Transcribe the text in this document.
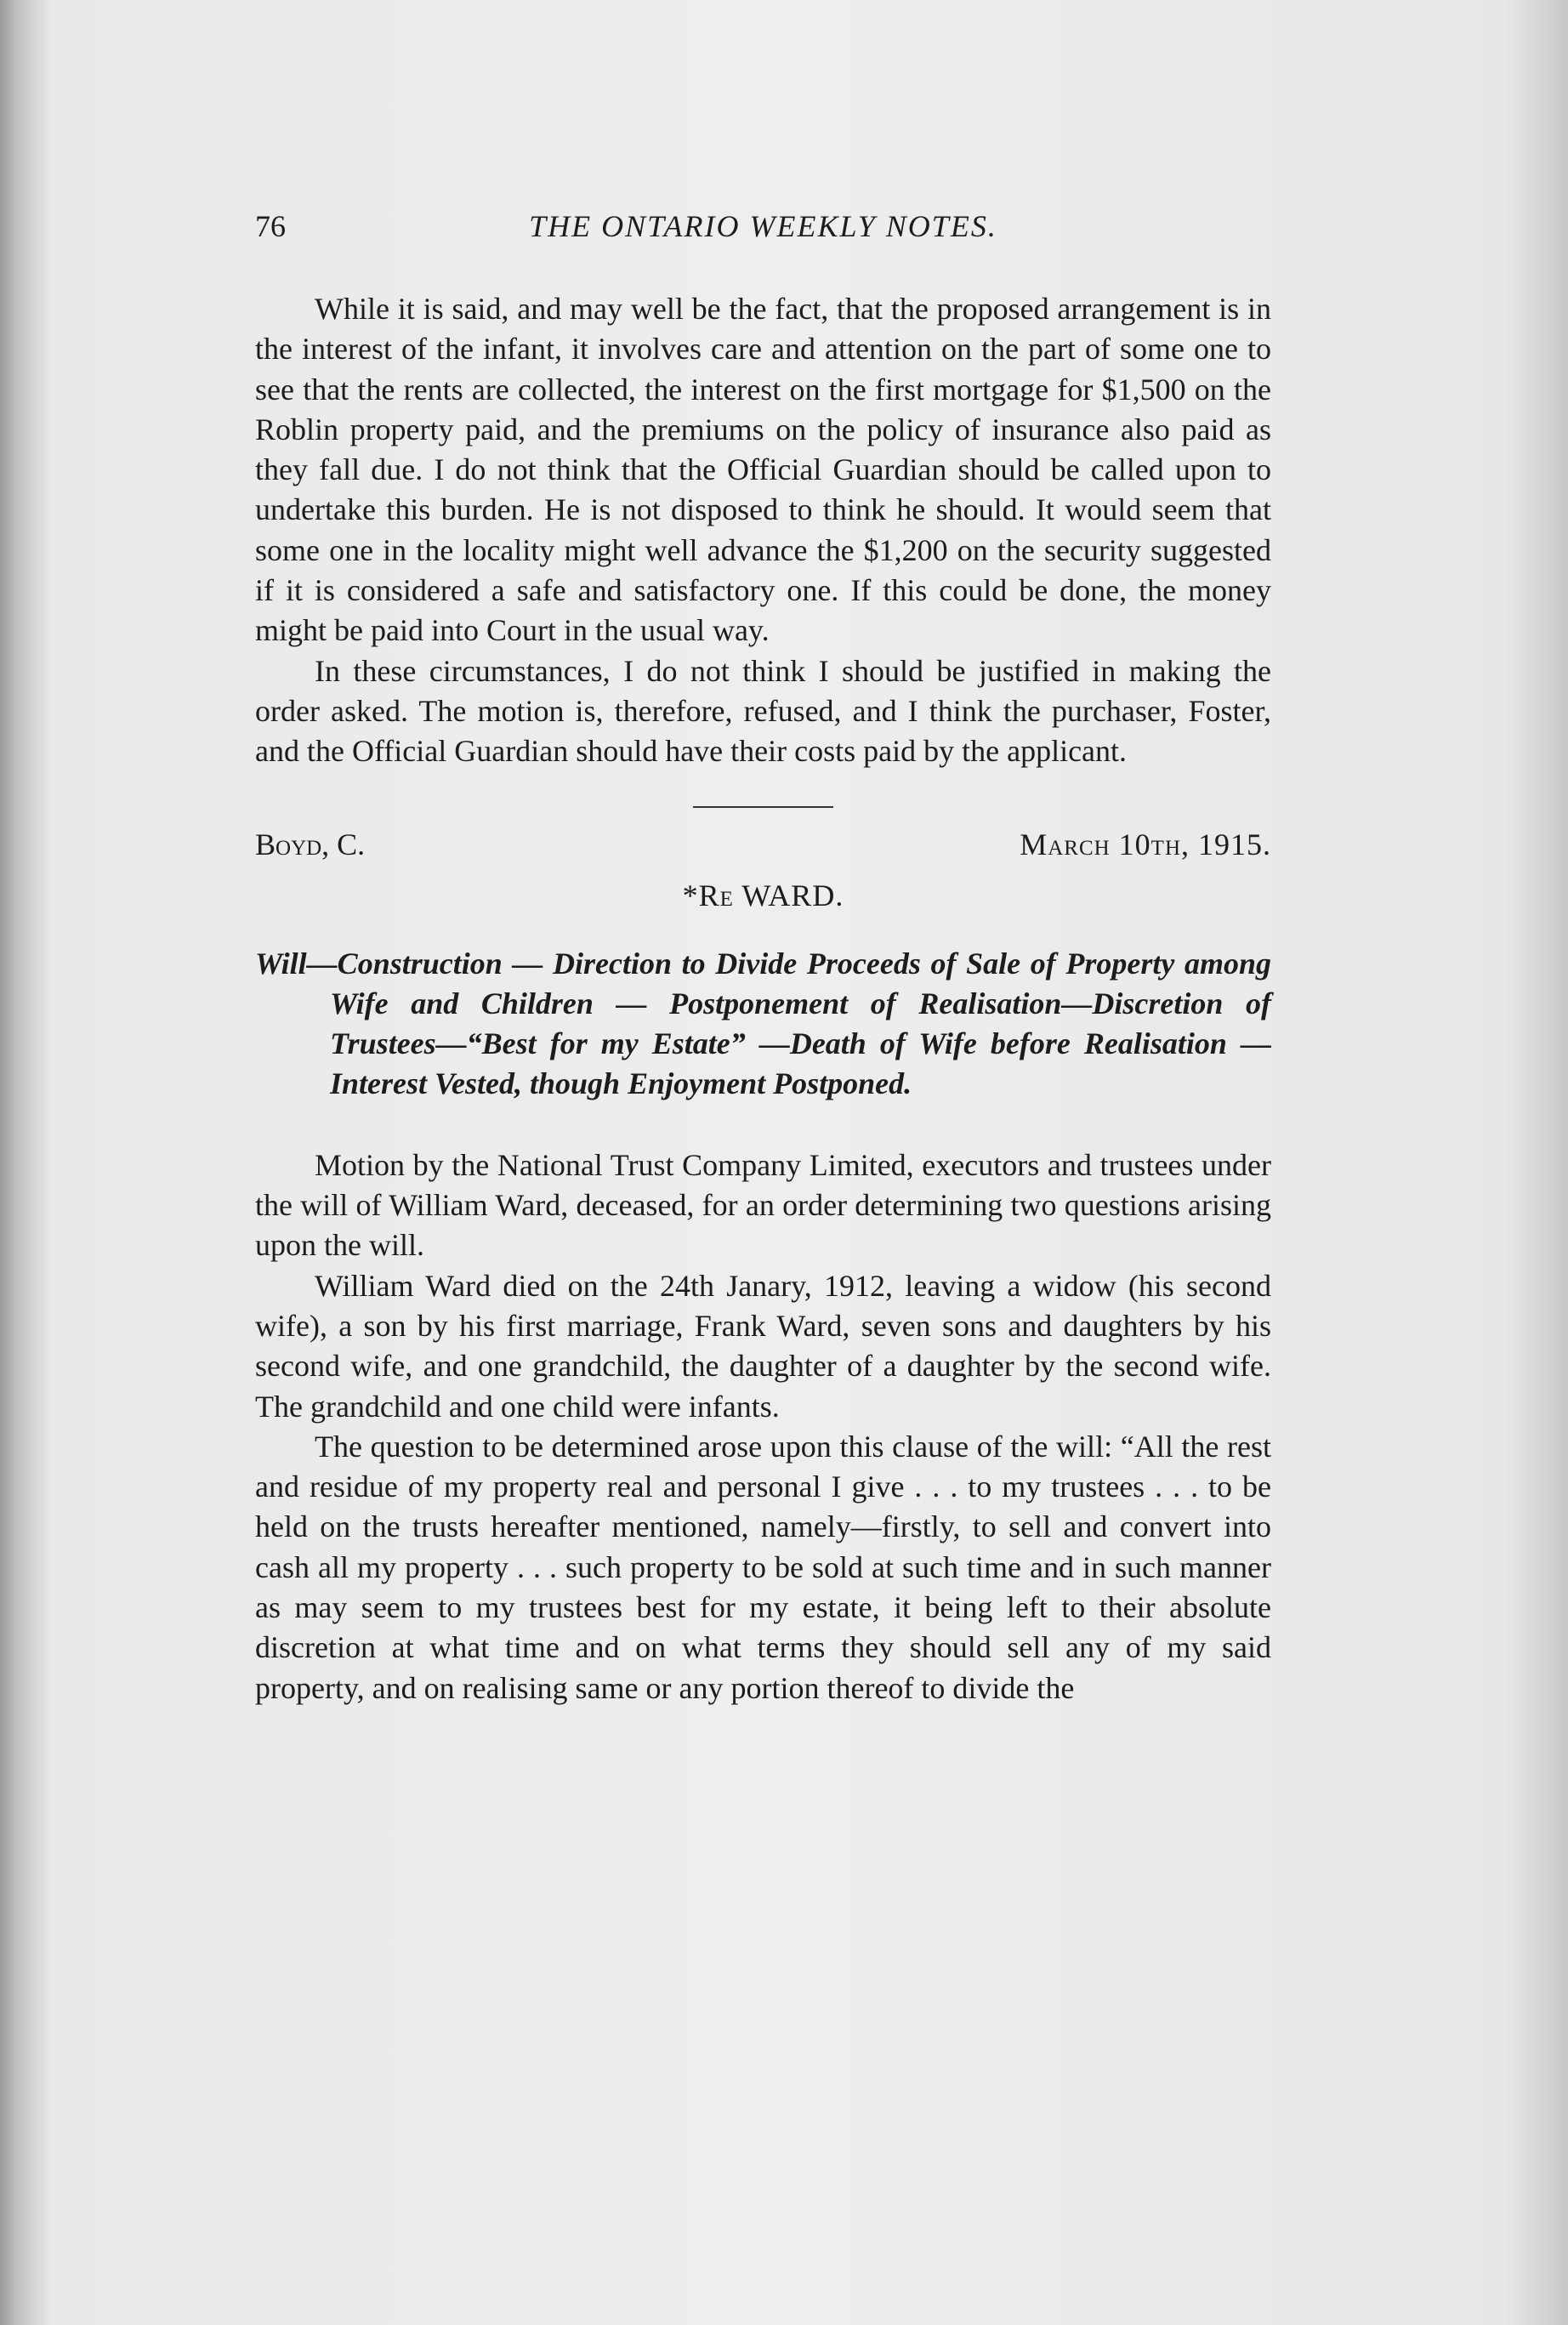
76	THE ONTARIO WEEKLY NOTES.

While it is said, and may well be the fact, that the proposed arrangement is in the interest of the infant, it involves care and attention on the part of some one to see that the rents are collected, the interest on the first mortgage for $1,500 on the Roblin property paid, and the premiums on the policy of insurance also paid as they fall due. I do not think that the Official Guardian should be called upon to undertake this burden. He is not disposed to think he should. It would seem that some one in the locality might well advance the $1,200 on the security suggested if it is considered a safe and satisfactory one. If this could be done, the money might be paid into Court in the usual way.

In these circumstances, I do not think I should be justified in making the order asked. The motion is, therefore, refused, and I think the purchaser, Foster, and the Official Guardian should have their costs paid by the applicant.

Boyd, C.	March 10th, 1915.
*Re WARD.
Will—Construction — Direction to Divide Proceeds of Sale of Property among Wife and Children — Postponement of Realisation—Discretion of Trustees—“Best for my Estate” —Death of Wife before Realisation — Interest Vested, though Enjoyment Postponed.

Motion by the National Trust Company Limited, executors and trustees under the will of William Ward, deceased, for an order determining two questions arising upon the will.

William Ward died on the 24th Janary, 1912, leaving a widow (his second wife), a son by his first marriage, Frank Ward, seven sons and daughters by his second wife, and one grandchild, the daughter of a daughter by the second wife. The grandchild and one child were infants.

The question to be determined arose upon this clause of the will: “All the rest and residue of my property real and personal I give . . . to my trustees . . . to be held on the trusts hereafter mentioned, namely—firstly, to sell and convert into cash all my property . . . such property to be sold at such time and in such manner as may seem to my trustees best for my estate, it being left to their absolute discretion at what time and on what terms they should sell any of my said property, and on realising same or any portion thereof to divide the
